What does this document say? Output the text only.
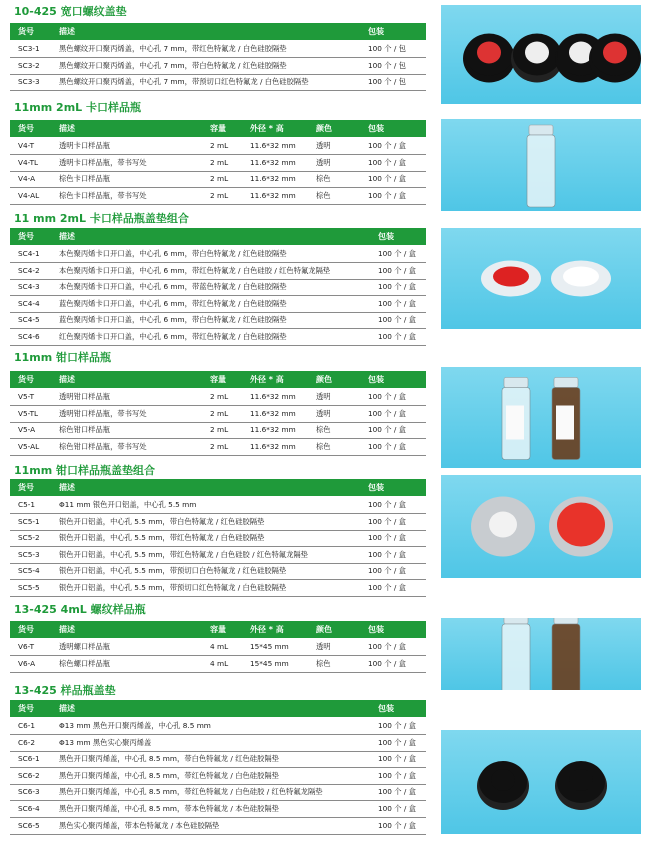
10-425 宽口螺纹盖垫
货号	描述	包装
SC3-1	黑色螺纹开口聚丙烯盖，中心孔 7 mm，带红色特氟龙 / 白色硅胶隔垫	100 个 / 包
SC3-2	黑色螺纹开口聚丙烯盖，中心孔 7 mm，带白色特氟龙 / 红色硅胶隔垫	100 个 / 包
SC3-3	黑色螺纹开口聚丙烯盖，中心孔 7 mm，带预切口红色特氟龙 / 白色硅胶隔垫	100 个 / 包
11mm 2mL 卡口样品瓶
货号	描述	容量	外径 * 高	颜色	包装
V4-T	透明卡口样品瓶	2 mL	11.6*32 mm	透明	100 个 / 盒
V4-TL	透明卡口样品瓶，带书写处	2 mL	11.6*32 mm	透明	100 个 / 盒
V4-A	棕色卡口样品瓶	2 mL	11.6*32 mm	棕色	100 个 / 盒
V4-AL	棕色卡口样品瓶，带书写处	2 mL	11.6*32 mm	棕色	100 个 / 盒
11 mm 2mL 卡口样品瓶盖垫组合
货号	描述	包装
SC4-1	本色聚丙烯卡口开口盖，中心孔 6 mm，带白色特氟龙 / 红色硅胶隔垫	100 个 / 盒
SC4-2	本色聚丙烯卡口开口盖，中心孔 6 mm，带红色特氟龙 / 白色硅胶 / 红色特氟龙隔垫	100 个 / 盒
SC4-3	本色聚丙烯卡口开口盖，中心孔 6 mm，带蓝色特氟龙 / 白色硅胶隔垫	100 个 / 盒
SC4-4	蓝色聚丙烯卡口开口盖，中心孔 6 mm，带红色特氟龙 / 白色硅胶隔垫	100 个 / 盒
SC4-5	蓝色聚丙烯卡口开口盖，中心孔 6 mm，带白色特氟龙 / 红色硅胶隔垫	100 个 / 盒
SC4-6	红色聚丙烯卡口开口盖，中心孔 6 mm，带红色特氟龙 / 白色硅胶隔垫	100 个 / 盒
11mm 钳口样品瓶
货号	描述	容量	外径 * 高	颜色	包装
V5-T	透明钳口样品瓶	2 mL	11.6*32 mm	透明	100 个 / 盒
V5-TL	透明钳口样品瓶，带书写处	2 mL	11.6*32 mm	透明	100 个 / 盒
V5-A	棕色钳口样品瓶	2 mL	11.6*32 mm	棕色	100 个 / 盒
V5-AL	棕色钳口样品瓶，带书写处	2 mL	11.6*32 mm	棕色	100 个 / 盒
11mm 钳口样品瓶盖垫组合
货号	描述	包装
C5-1	Φ11 mm 银色开口铝盖，中心孔 5.5 mm	100 个 / 盒
SC5-1	银色开口铝盖，中心孔 5.5 mm，带白色特氟龙 / 红色硅胶隔垫	100 个 / 盒
SC5-2	银色开口铝盖，中心孔 5.5 mm，带红色特氟龙 / 白色硅胶隔垫	100 个 / 盒
SC5-3	银色开口铝盖，中心孔 5.5 mm，带红色特氟龙 / 白色硅胶 / 红色特氟龙隔垫	100 个 / 盒
SC5-4	银色开口铝盖，中心孔 5.5 mm，带预切口白色特氟龙 / 红色硅胶隔垫	100 个 / 盒
SC5-5	银色开口铝盖，中心孔 5.5 mm，带预切口红色特氟龙 / 白色硅胶隔垫	100 个 / 盒
13-425 4mL 螺纹样品瓶
货号	描述	容量	外径 * 高	颜色	包装
V6-T	透明螺口样品瓶	4 mL	15*45 mm	透明	100 个 / 盒
V6-A	棕色螺口样品瓶	4 mL	15*45 mm	棕色	100 个 / 盒
13-425 样品瓶盖垫
货号	描述	包装
C6-1	Φ13 mm 黑色开口聚丙烯盖，中心孔 8.5 mm	100 个 / 盒
C6-2	Φ13 mm 黑色实心聚丙烯盖	100 个 / 盒
SC6-1	黑色开口聚丙烯盖，中心孔 8.5 mm，带白色特氟龙 / 红色硅胶隔垫	100 个 / 盒
SC6-2	黑色开口聚丙烯盖，中心孔 8.5 mm，带红色特氟龙 / 白色硅胶隔垫	100 个 / 盒
SC6-3	黑色开口聚丙烯盖，中心孔 8.5 mm，带红色特氟龙 / 白色硅胶 / 红色特氟龙隔垫	100 个 / 盒
SC6-4	黑色开口聚丙烯盖，中心孔 8.5 mm，带本色特氟龙 / 本色硅胶隔垫	100 个 / 盒
SC6-5	黑色实心聚丙烯盖，带本色特氟龙 / 本色硅胶隔垫	100 个 / 盒
